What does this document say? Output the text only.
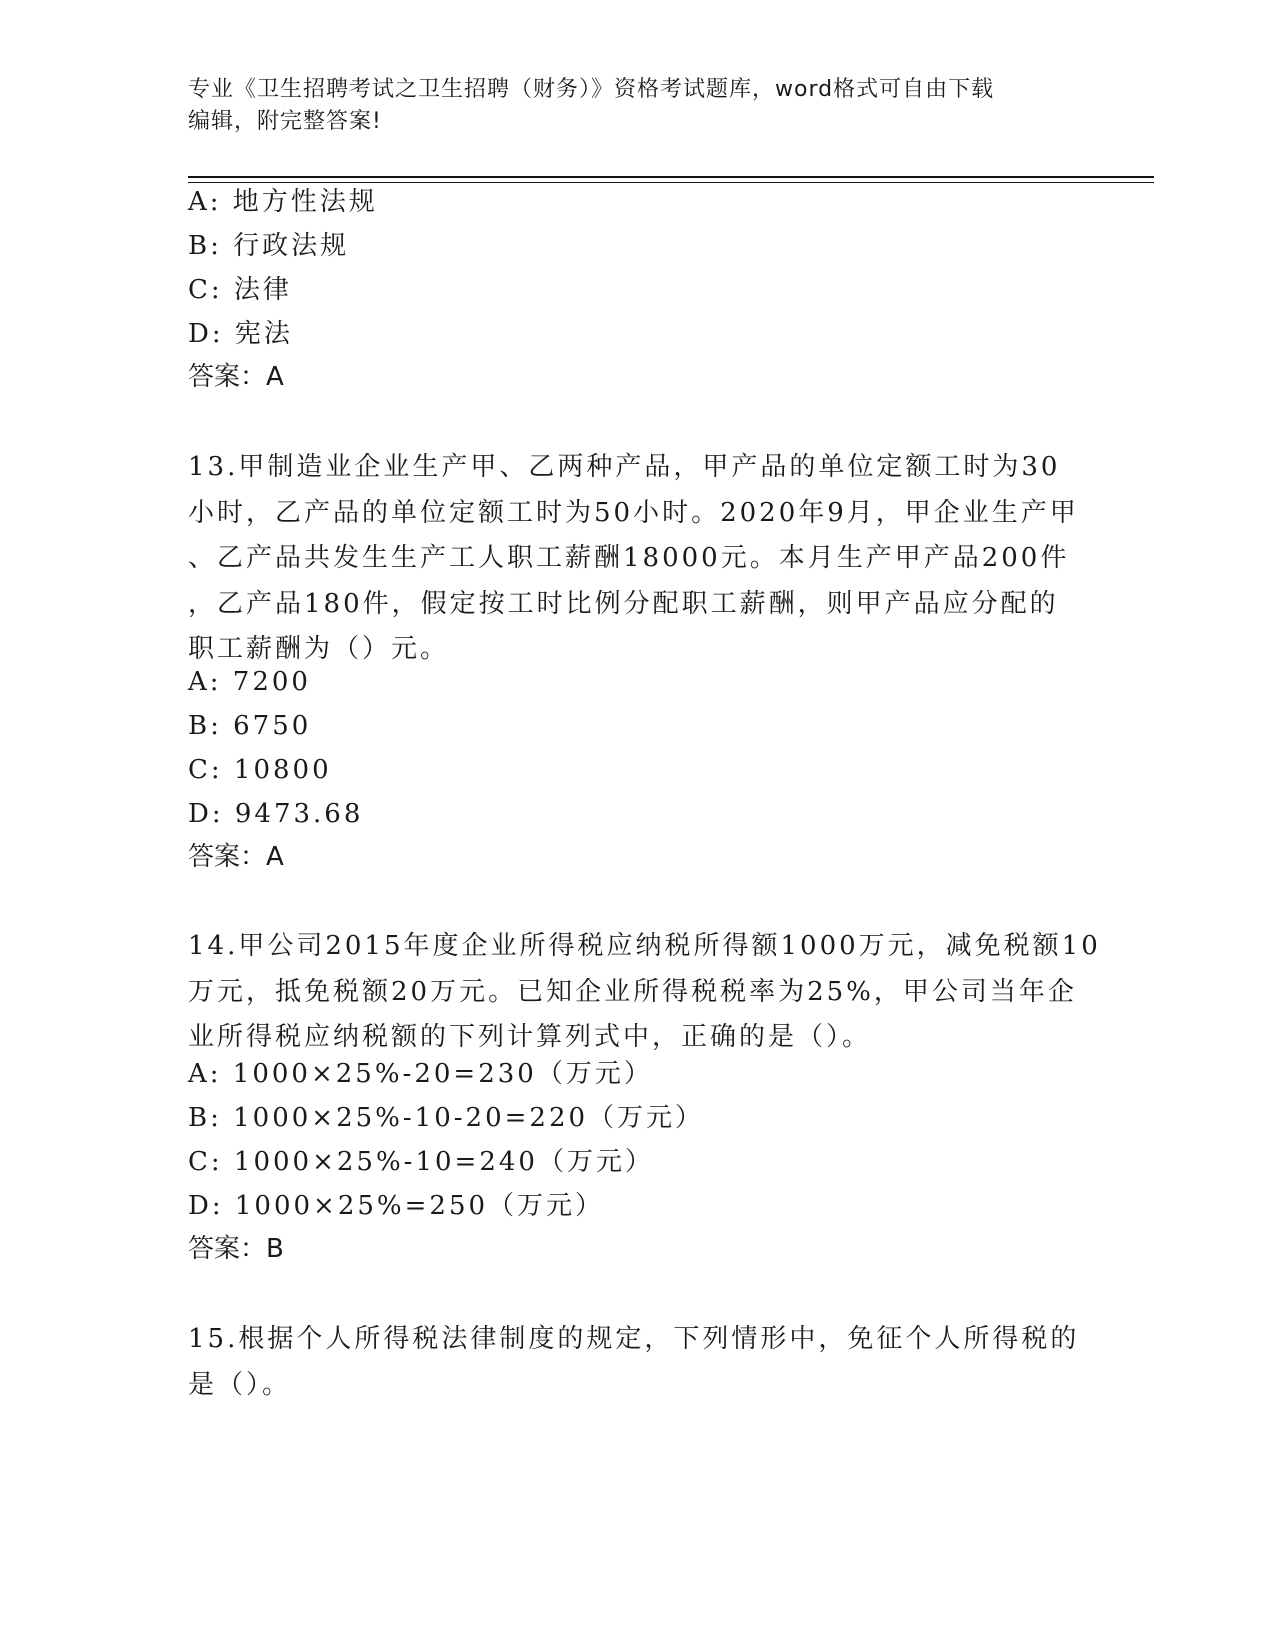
专业《卫生招聘考试之卫生招聘（财务）》资格考试题库，word格式可自由下载
编辑，附完整答案!
A: 地方性法规
B: 行政法规
C: 法律
D: 宪法
答案：A
13.甲制造业企业生产甲、乙两种产品，甲产品的单位定额工时为30
小时，乙产品的单位定额工时为50小时。2020年9月，甲企业生产甲
、乙产品共发生生产工人职工薪酬18000元。本月生产甲产品200件
，乙产品180件，假定按工时比例分配职工薪酬，则甲产品应分配的
职工薪酬为（）元。
A: 7200
B: 6750
C: 10800
D: 9473.68
答案：A
14.甲公司2015年度企业所得税应纳税所得额1000万元，减免税额10
万元，抵免税额20万元。已知企业所得税税率为25%，甲公司当年企
业所得税应纳税额的下列计算列式中，正确的是（）。
A: 1000×25%-20=230（万元）
B: 1000×25%-10-20=220（万元）
C: 1000×25%-10=240（万元）
D: 1000×25%=250（万元）
答案：B
15.根据个人所得税法律制度的规定，下列情形中，免征个人所得税的
是（）。
